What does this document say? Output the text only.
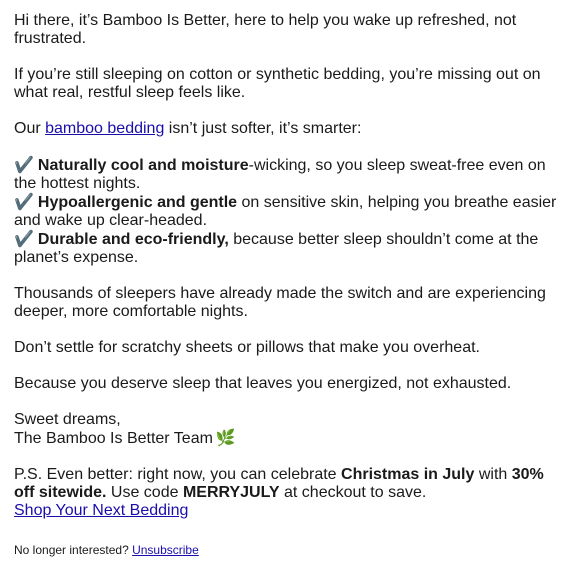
Hi there, it’s Bamboo Is Better, here to help you wake up refreshed, not frustrated.

If you’re still sleeping on cotton or synthetic bedding, you’re missing out on what real, restful sleep feels like.

Our bamboo bedding isn’t just softer, it’s smarter:

✔️ Naturally cool and moisture-wicking, so you sleep sweat-free even on the hottest nights.

✔️ Hypoallergenic and gentle on sensitive skin, helping you breathe easier and wake up clear-headed.

✔️ Durable and eco-friendly, because better sleep shouldn’t come at the planet’s expense.

Thousands of sleepers have already made the switch and are experiencing deeper, more comfortable nights.

Don’t settle for scratchy sheets or pillows that make you overheat.

Because you deserve sleep that leaves you energized, not exhausted.

Sweet dreams,
The Bamboo Is Better Team 🌿

P.S. Even better: right now, you can celebrate Christmas in July with 30% off sitewide. Use code MERRYJULY at checkout to save.
Shop Your Next Bedding

No longer interested? Unsubscribe
